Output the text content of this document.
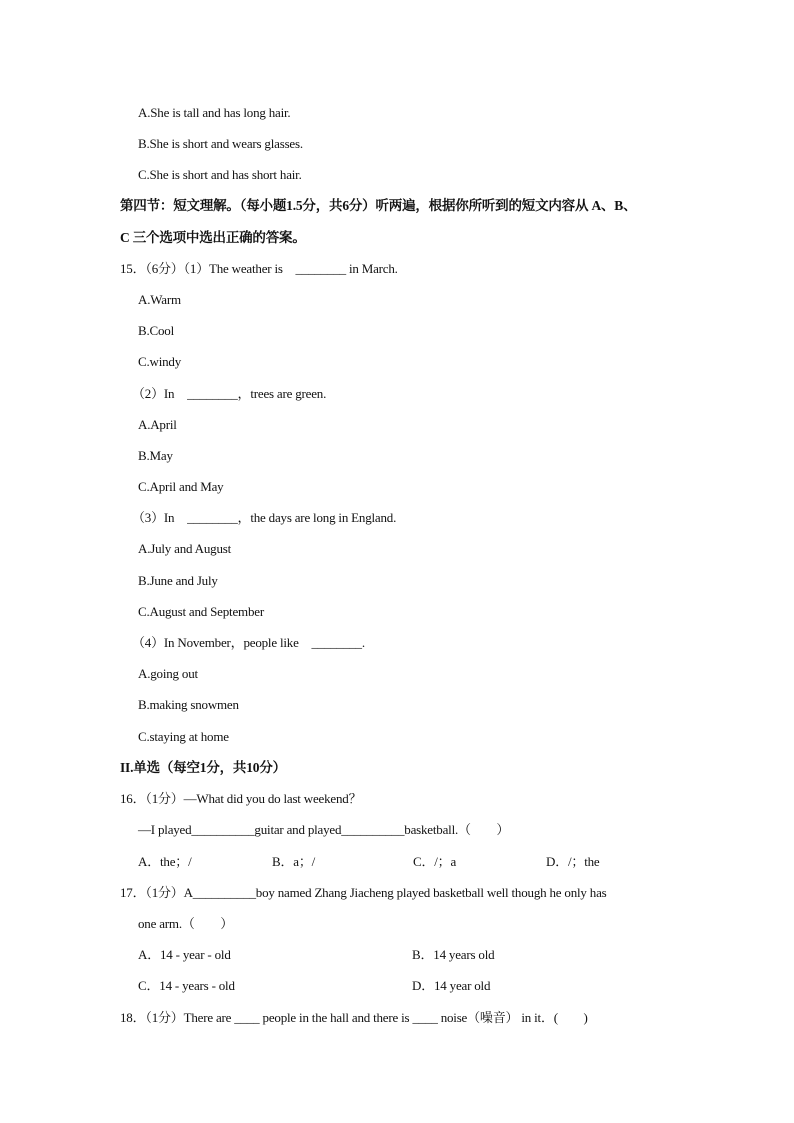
A.She is tall and has long hair.
B.She is short and wears glasses.
C.She is short and has short hair.
第四节：短文理解。（每小题1.5分，共6分）听两遍，根据你所听到的短文内容从 A、B、
C 三个选项中选出正确的答案。
15．（6分）（1）The weather is　________ in March.
A.Warm
B.Cool
C.windy
（2）In　________，trees are green.
A.April
B.May
C.April and May
（3）In　________，the days are long in England.
A.July and August
B.June and July
C.August and September
（4）In November，people like　________.
A.going out
B.making snowmen
C.staying at home
II.单选（每空1分，共10分）
16．（1分）—What did you do last weekend？
—I played__________guitar and played__________basketball.（　　）
A．the；/	B．a；/	C．/；a	D．/；the
17．（1分）A__________boy named Zhang Jiacheng played basketball well though he only has
one arm.（　　）
A．14 - year - old	B．14 years old
C．14 - years - old	D．14 year old
18．（1分）There are ____ people in the hall and there is ____ noise（噪音） in it．(　　)
